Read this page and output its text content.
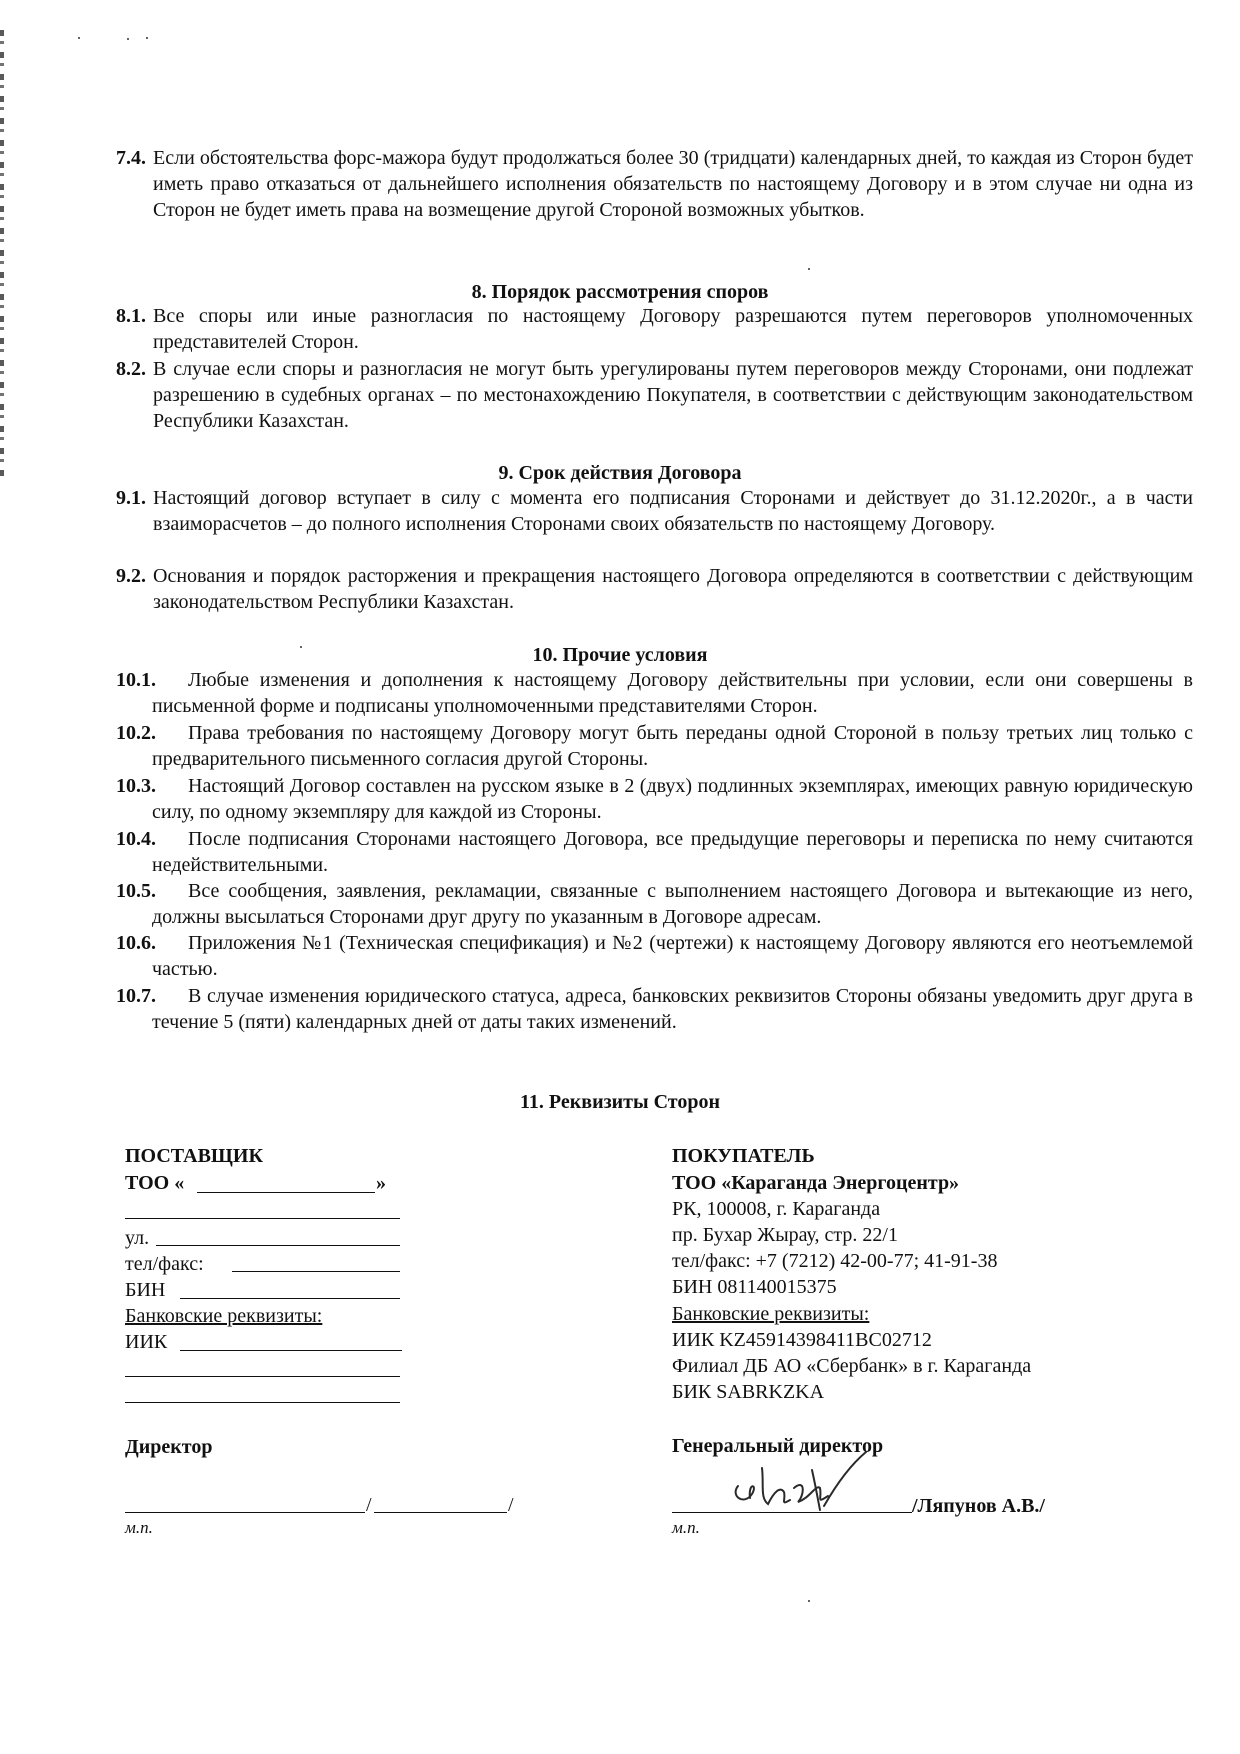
7.4. Если обстоятельства форс-мажора будут продолжаться более 30 (тридцати) календарных дней, то каждая из Сторон будет иметь право отказаться от дальнейшего исполнения обязательств по настоящему Договору и в этом случае ни одна из Сторон не будет иметь права на возмещение другой Стороной возможных убытков.
8. Порядок рассмотрения споров
8.1. Все споры или иные разногласия по настоящему Договору разрешаются путем переговоров уполномоченных представителей Сторон.
8.2. В случае если споры и разногласия не могут быть урегулированы путем переговоров между Сторонами, они подлежат разрешению в судебных органах – по местонахождению Покупателя, в соответствии с действующим законодательством Республики Казахстан.
9. Срок действия Договора
9.1. Настоящий договор вступает в силу с момента его подписания Сторонами и действует до 31.12.2020г., а в части взаиморасчетов – до полного исполнения Сторонами своих обязательств по настоящему Договору.
9.2. Основания и порядок расторжения и прекращения настоящего Договора определяются в соответствии с действующим законодательством Республики Казахстан.
10. Прочие условия
10.1.	Любые изменения и дополнения к настоящему Договору действительны при условии, если они совершены в письменной форме и подписаны уполномоченными представителями Сторон.
10.2.	Права требования по настоящему Договору могут быть переданы одной Стороной в пользу третьих лиц только с предварительного письменного согласия другой Стороны.
10.3.	Настоящий Договор составлен на русском языке в 2 (двух) подлинных экземплярах, имеющих равную юридическую силу, по одному экземпляру для каждой из Стороны.
10.4.	После подписания Сторонами настоящего Договора, все предыдущие переговоры и переписка по нему считаются недействительными.
10.5.	Все сообщения, заявления, рекламации, связанные с выполнением настоящего Договора и вытекающие из него, должны высылаться Сторонами друг другу по указанным в Договоре адресам.
10.6.	Приложения №1 (Техническая спецификация) и №2 (чертежи) к настоящему Договору являются его неотъемлемой частью.
10.7.	В случае изменения юридического статуса, адреса, банковских реквизитов Стороны обязаны уведомить друг друга в течение 5 (пяти) календарных дней от даты таких изменений.
11. Реквизиты Сторон
ПОСТАВЩИК
ТОО «	»
ул.
тел/факс:
БИН
Банковские реквизиты:
ИИК
Директор
/	/
м.п.
ПОКУПАТЕЛЬ
ТОО «Караганда Энергоцентр»
РК, 100008, г. Караганда
пр. Бухар Жырау, стр. 22/1
тел/факс: +7 (7212) 42-00-77; 41-91-38
БИН 081140015375
Банковские реквизиты:
ИИК KZ45914398411BC02712
Филиал ДБ АО «Сбербанк» в г. Караганда
БИК SABRKZKA
Генеральный директор
/Ляпунов А.В./
м.п.
